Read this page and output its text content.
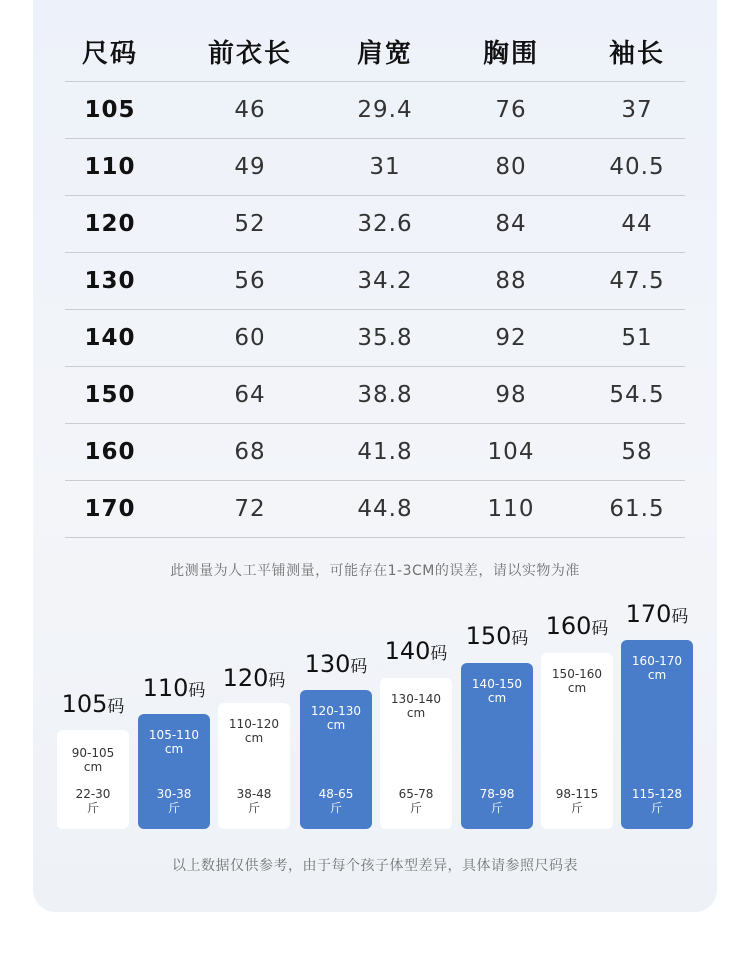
尺码	前衣长	肩宽	胸围	袖长
105	46	29.4	76	37
110	49	31	80	40.5
120	52	32.6	84	44
130	56	34.2	88	47.5
140	60	35.8	92	51
150	64	38.8	98	54.5
160	68	41.8	104	58
170	72	44.8	110	61.5
此测量为人工平铺测量，可能存在1-3CM的误差，请以实物为准
105码
90-105
cm
22-30
斤
110码
105-110
cm
30-38
斤
120码
110-120
cm
38-48
斤
130码
120-130
cm
48-65
斤
140码
130-140
cm
65-78
斤
150码
140-150
cm
78-98
斤
160码
150-160
cm
98-115
斤
170码
160-170
cm
115-128
斤
以上数据仅供参考，由于每个孩子体型差异，具体请参照尺码表
